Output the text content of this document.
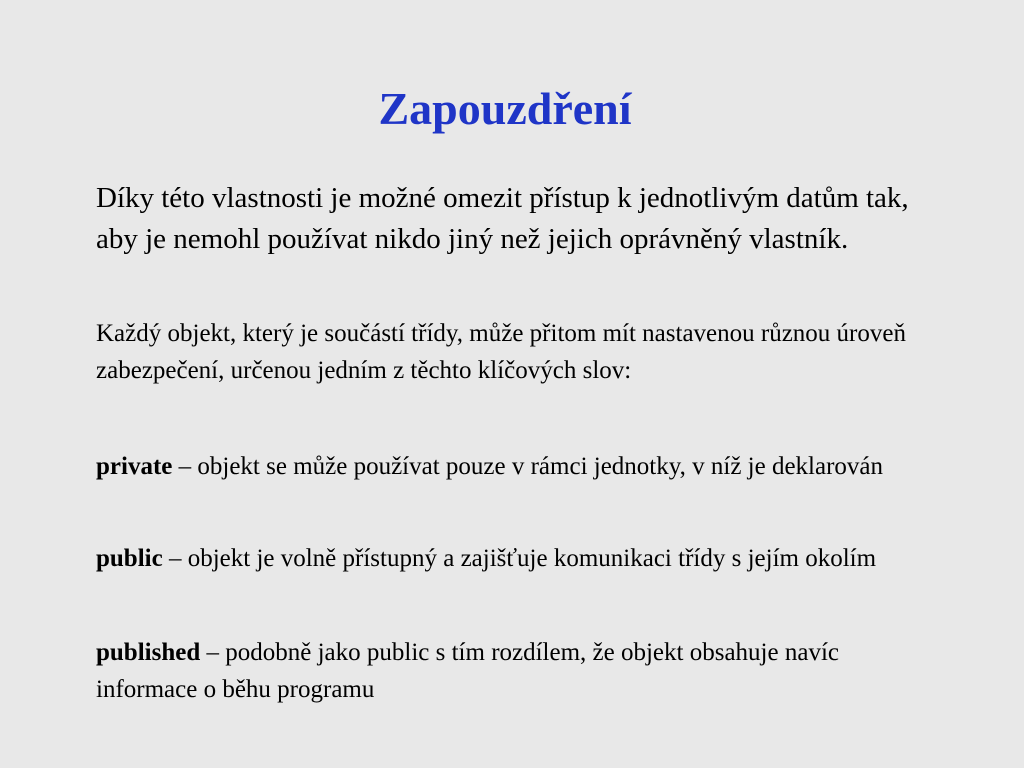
Zapouzdření

Díky této vlastnosti je možné omezit přístup k jednotlivým datům tak, aby je nemohl používat nikdo jiný než jejich oprávněný vlastník.

Každý objekt, který je součástí třídy, může přitom mít nastavenou různou úroveň zabezpečení, určenou jedním z těchto klíčových slov:

private – objekt se může používat pouze v rámci jednotky, v níž je deklarován

public – objekt je volně přístupný a zajišťuje komunikaci třídy s jejím okolím

published – podobně jako public s tím rozdílem, že objekt obsahuje navíc informace o běhu programu
